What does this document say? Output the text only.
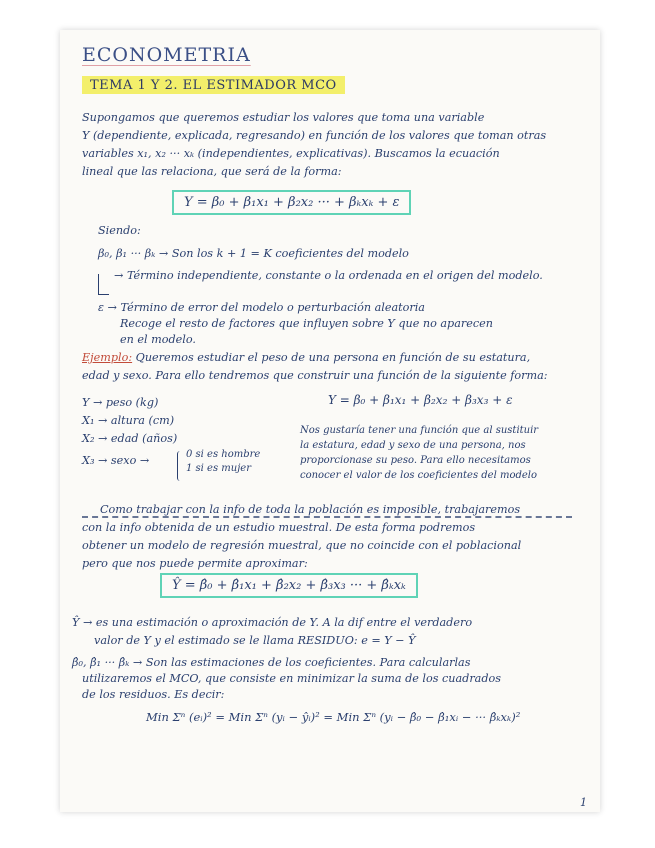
ECONOMETRIA
TEMA 1 Y 2. EL ESTIMADOR MCO
Supongamos que queremos estudiar los valores que toma una variable
Y (dependiente, explicada, regresando) en función de los valores que toman otras
variables x₁, x₂ ··· xₖ (independientes, explicativas). Buscamos la ecuación
lineal que las relaciona, que será de la forma:
Y = β₀ + β₁x₁ + β₂x₂ ··· + βₖxₖ + ε
Siendo:
β₀, β₁ ··· βₖ → Son los k + 1 = K coeficientes del modelo
→ Término independiente, constante o la ordenada en el origen del modelo.
ε → Término de error del modelo o perturbación aleatoria
Recoge el resto de factores que influyen sobre Y que no aparecen
en el modelo.
Ejemplo: Queremos estudiar el peso de una persona en función de su estatura,
edad y sexo. Para ello tendremos que construir una función de la siguiente forma:
Y → peso (kg)
X₁ → altura (cm)
X₂ → edad (años)
X₃ → sexo →	0 si es hombre
1 si es mujer
Y = β₀ + β₁x₁ + β₂x₂ + β₃x₃ + ε
Nos gustaría tener una función que al sustituir
la estatura, edad y sexo de una persona, nos
proporcionase su peso. Para ello necesitamos
conocer el valor de los coeficientes del modelo
Como trabajar con la info de toda la población es imposible, trabajaremos
con la info obtenida de un estudio muestral. De esta forma podremos
obtener un modelo de regresión muestral, que no coincide con el poblacional
pero que nos puede permite aproximar:
Ŷ = β̂₀ + β̂₁x₁ + β̂₂x₂ + β̂₃x₃ ··· + β̂ₖxₖ
Ŷ → es una estimación o aproximación de Y. A la dif entre el verdadero
valor de Y y el estimado se le llama RESIDUO: e = Y − Ŷ
β̂₀, β̂₁ ··· β̂ₖ → Son las estimaciones de los coeficientes. Para calcularlas
utilizaremos el MCO, que consiste en minimizar la suma de los cuadrados
de los residuos. Es decir:
Min Σⁿ (eᵢ)² = Min Σⁿ (yᵢ − ŷᵢ)² = Min Σⁿ (yᵢ − β̂₀ − β̂₁xᵢ − ··· β̂ₖxₖ)²
1
